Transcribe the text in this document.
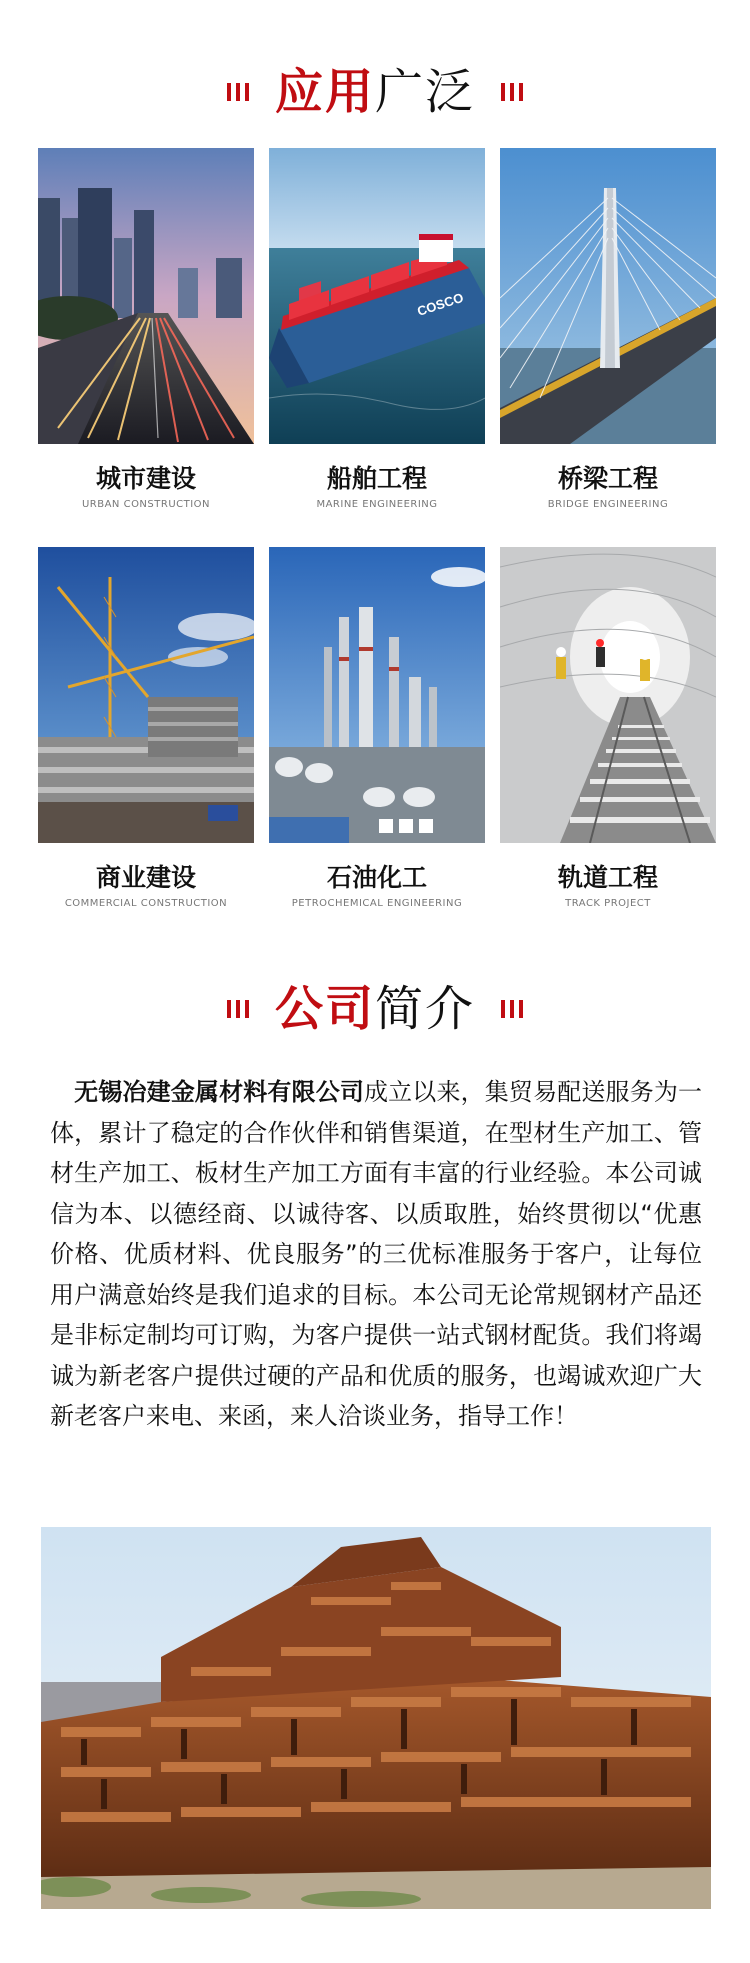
应用广泛
城市建设
URBAN CONSTRUCTION
COSCO
船舶工程
MARINE ENGINEERING
桥梁工程
BRIDGE ENGINEERING
商业建设
COMMERCIAL CONSTRUCTION
石油化工
PETROCHEMICAL ENGINEERING
轨道工程
TRACK PROJECT
公司简介
无锡冶建金属材料有限公司成立以来，集贸易配送服务为一体，累计了稳定的合作伙伴和销售渠道，在型材生产加工、管材生产加工、板材生产加工方面有丰富的行业经验。本公司诚信为本、以德经商、以诚待客、以质取胜，始终贯彻以“优惠价格、优质材料、优良服务”的三优标准服务于客户，让每位用户满意始终是我们追求的目标。本公司无论常规钢材产品还是非标定制均可订购，为客户提供一站式钢材配货。我们将竭诚为新老客户提供过硬的产品和优质的服务，也竭诚欢迎广大新老客户来电、来函，来人洽谈业务，指导工作！
